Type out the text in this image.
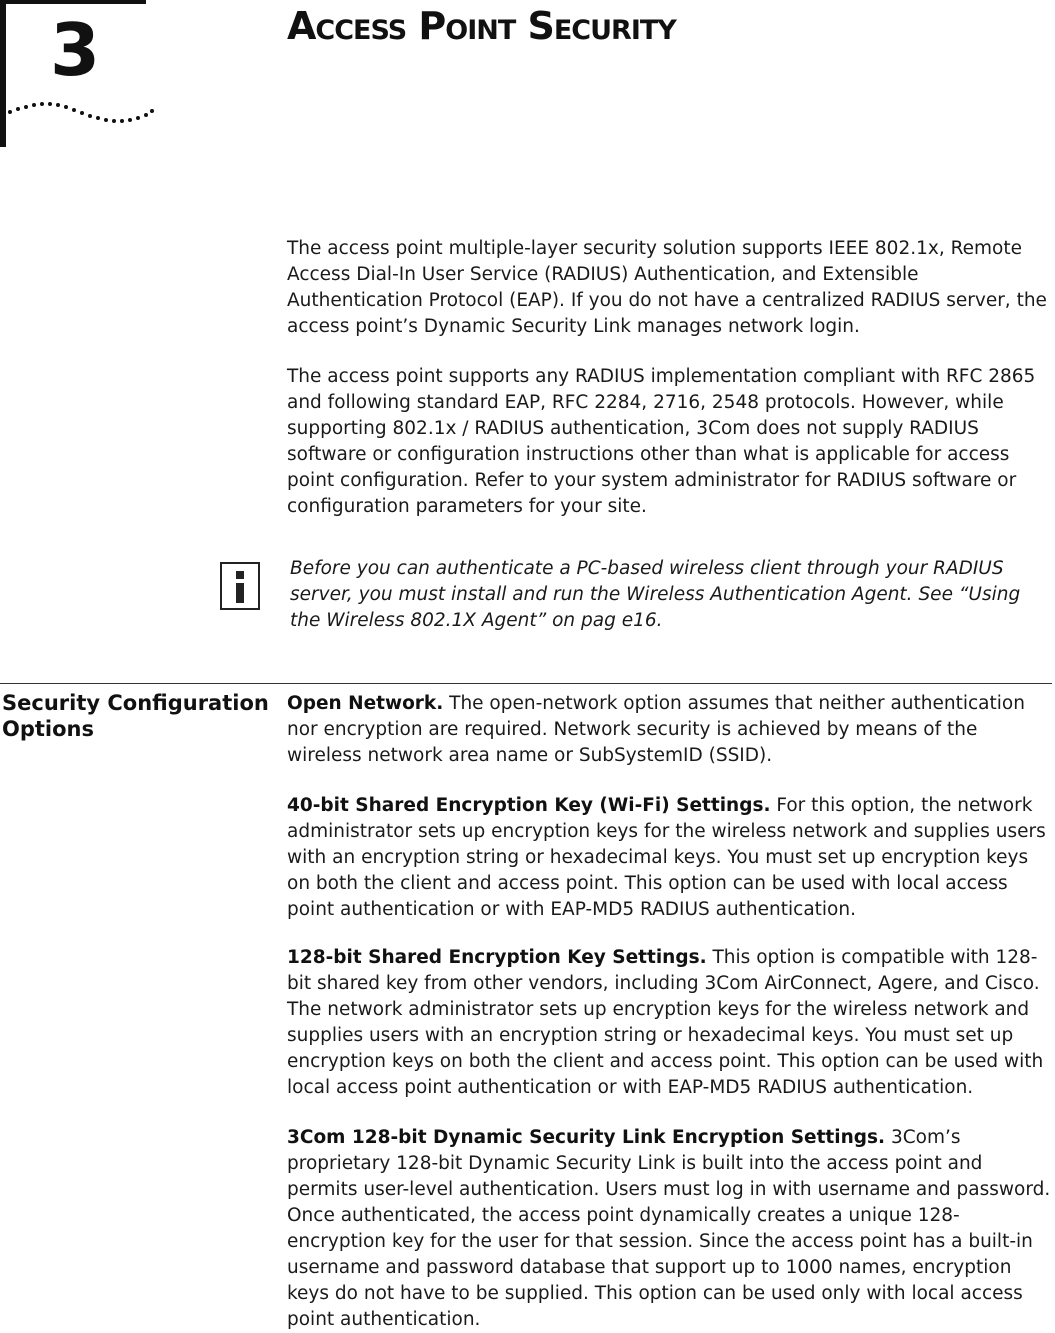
3	Access Point Security

The access point multiple-layer security solution supports IEEE 802.1x, Remote Access Dial-In User Service (RADIUS) Authentication, and Extensible Authentication Protocol (EAP). If you do not have a centralized RADIUS server, the access point’s Dynamic Security Link manages network login.

The access point supports any RADIUS implementation compliant with RFC 2865 and following standard EAP, RFC 2284, 2716, 2548 protocols. However, while supporting 802.1x / RADIUS authentication, 3Com does not supply RADIUS software or configuration instructions other than what is applicable for access point configuration. Refer to your system administrator for RADIUS software or configuration parameters for your site.

Before you can authenticate a PC-based wireless client through your RADIUS server, you must install and run the Wireless Authentication Agent. See “Using the Wireless 802.1X Agent” on pag e16.

Security Configuration Options

Open Network. The open-network option assumes that neither authentication nor encryption are required. Network security is achieved by means of the wireless network area name or SubSystemID (SSID).

40-bit Shared Encryption Key (Wi-Fi) Settings. For this option, the network administrator sets up encryption keys for the wireless network and supplies users with an encryption string or hexadecimal keys. You must set up encryption keys on both the client and access point. This option can be used with local access point authentication or with EAP-MD5 RADIUS authentication.

128-bit Shared Encryption Key Settings. This option is compatible with 128-bit shared key from other vendors, including 3Com AirConnect, Agere, and Cisco. The network administrator sets up encryption keys for the wireless network and supplies users with an encryption string or hexadecimal keys. You must set up encryption keys on both the client and access point. This option can be used with local access point authentication or with EAP-MD5 RADIUS authentication.

3Com 128-bit Dynamic Security Link Encryption Settings. 3Com’s proprietary 128-bit Dynamic Security Link is built into the access point and permits user-level authentication. Users must log in with username and password. Once authenticated, the access point dynamically creates a unique 128-encryption key for the user for that session. Since the access point has a built-in username and password database that support up to 1000 names, encryption keys do not have to be supplied. This option can be used only with local access point authentication.
